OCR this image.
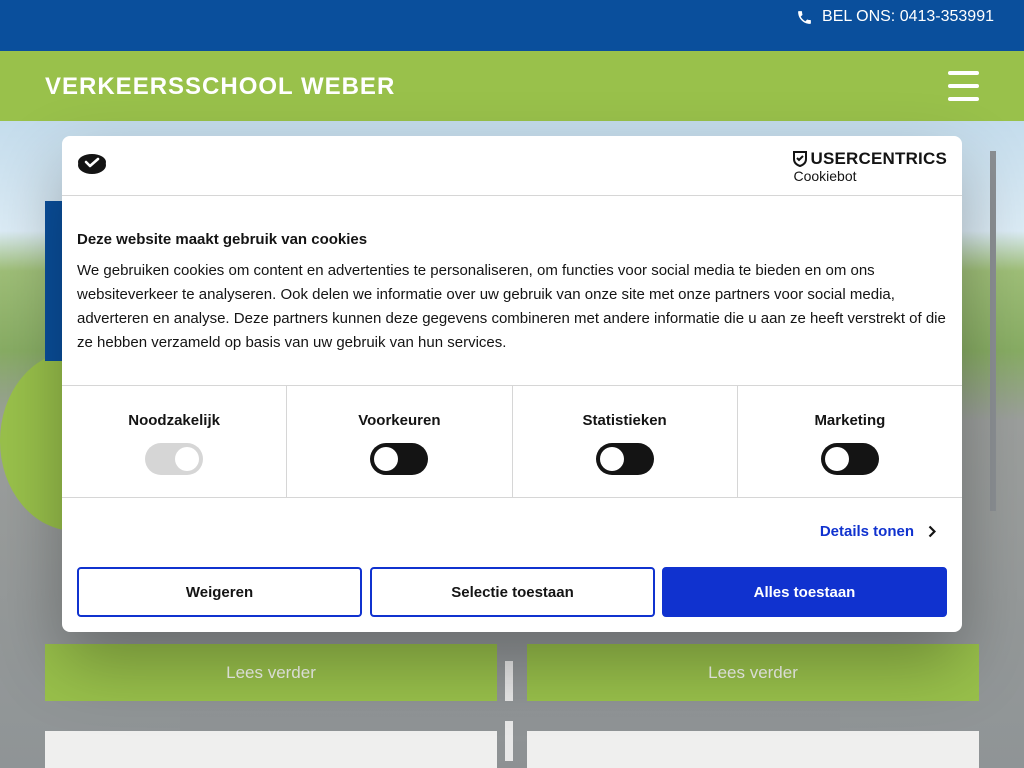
BEL ONS: 0413-353991
VERKEERSSCHOOL WEBER
Lees verder	Lees verder
USERCENTRICS
Cookiebot
Deze website maakt gebruik van cookies
We gebruiken cookies om content en advertenties te personaliseren, om functies voor social media te bieden en om ons websiteverkeer te analyseren. Ook delen we informatie over uw gebruik van onze site met onze partners voor social media, adverteren en analyse. Deze partners kunnen deze gegevens combineren met andere informatie die u aan ze heeft verstrekt of die ze hebben verzameld op basis van uw gebruik van hun services.
Noodzakelijk	Voorkeuren	Statistieken	Marketing
Details tonen
Weigeren	Selectie toestaan	Alles toestaan
